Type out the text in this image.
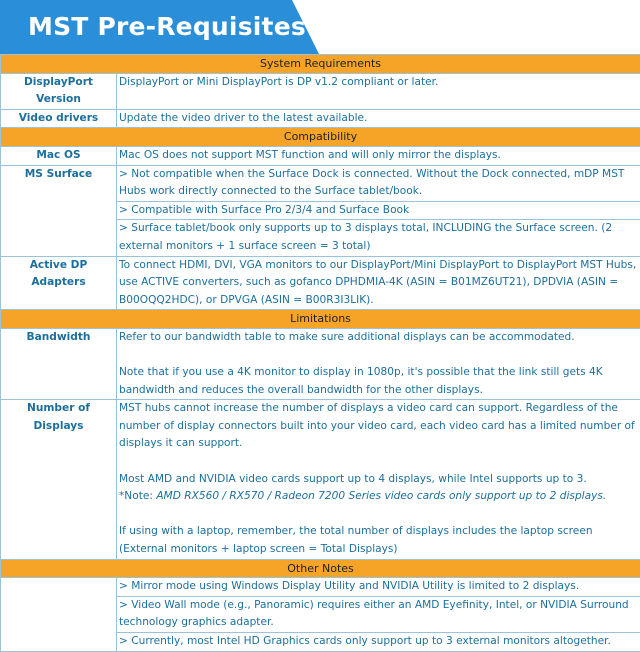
MST Pre-Requisites
System Requirements	
DisplayPort Version	DisplayPort or Mini DisplayPort is DP v1.2 compliant or later.
Video drivers	Update the video driver to the latest available.
Compatibility	
Mac OS	Mac OS does not support MST function and will only mirror the displays.
MS Surface	> Not compatible when the Surface Dock is connected. Without the Dock connected, mDP MST Hubs work directly connected to the Surface tablet/book.
	> Compatible with Surface Pro 2/3/4 and Surface Book
	> Surface tablet/book only supports up to 3 displays total, INCLUDING the Surface screen. (2 external monitors + 1 surface screen = 3 total)
Active DP Adapters	To connect HDMI, DVI, VGA monitors to our DisplayPort/Mini DisplayPort to DisplayPort MST Hubs, use ACTIVE converters, such as gofanco DPHDMIA-4K (ASIN = B01MZ6UT21), DPDVIA (ASIN = B00OQQ2HDC), or DPVGA (ASIN = B00R3I3LIK).
Limitations	
Bandwidth	Refer to our bandwidth table to make sure additional displays can be accommodated.
Note that if you use a 4K monitor to display in 1080p, it's possible that the link still gets 4K bandwidth and reduces the overall bandwidth for the other displays.

Number of Displays	MST hubs cannot increase the number of displays a video card can support. Regardless of the number of display connectors built into your video card, each video card has a limited number of displays it can support.
Most AMD and NVIDIA video cards support up to 4 displays, while Intel supports up to 3.
*Note: AMD RX560 / RX570 / Radeon 7200 Series video cards only support up to 2 displays.
If using with a laptop, remember, the total number of displays includes the laptop screen (External monitors + laptop screen = Total Displays)

Other Notes	
	> Mirror mode using Windows Display Utility and NVIDIA Utility is limited to 2 displays.
	> Video Wall mode (e.g., Panoramic) requires either an AMD Eyefinity, Intel, or NVIDIA Surround technology graphics adapter.
	> Currently, most Intel HD Graphics cards only support up to 3 external monitors altogether.
